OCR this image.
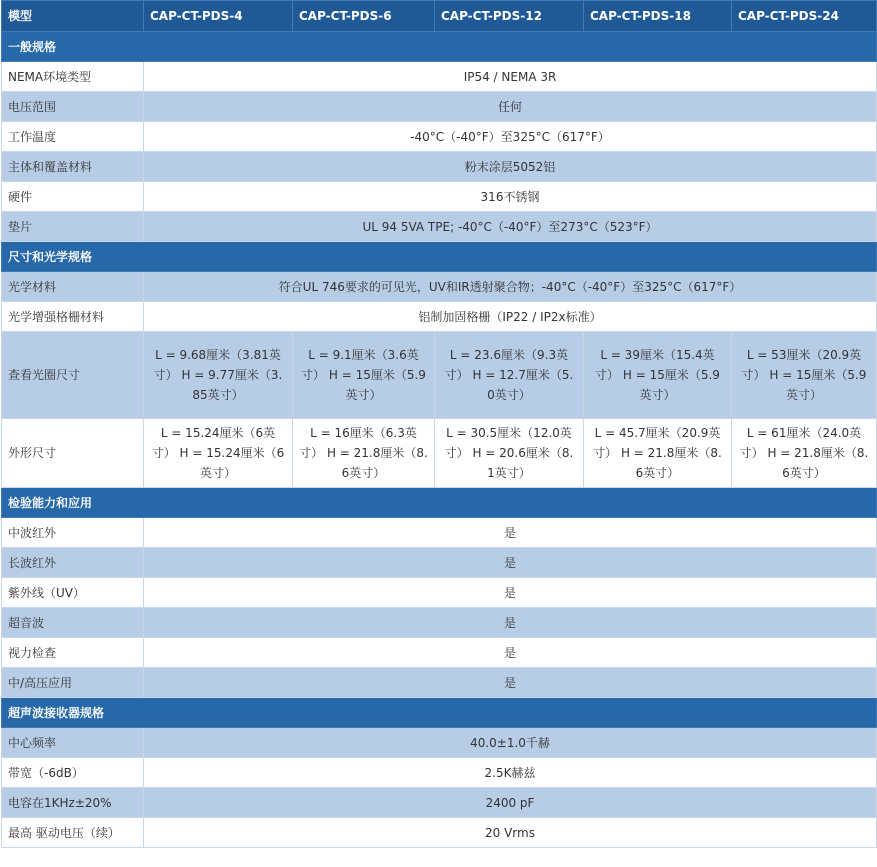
模型	CAP-CT-PDS-4	CAP-CT-PDS-6	CAP-CT-PDS-12	CAP-CT-PDS-18	CAP-CT-PDS-24
一般规格					
NEMA环境类型	IP54 / NEMA 3R				
电压范围	任何				
工作温度	-40°C（-40°F）至325°C（617°F）				
主体和覆盖材料	粉末涂层5052铝				
硬件	316不锈钢				
垫片	UL 94 5VA TPE; -40°C（-40°F）至273°C（523°F）				
尺寸和光学规格					
光学材料	符合UL 746要求的可见光，UV和IR透射聚合物；-40°C（-40°F）至325°C（617°F）				
光学增强格栅材料	铝制加固格栅（IP22 / IP2x标准）				
查看光圈尺寸	L = 9.68厘米（3.81英寸） H = 9.77厘米（3.85英寸）	L = 9.1厘米（3.6英寸） H = 15厘米（5.9英寸）	L = 23.6厘米（9.3英寸） H = 12.7厘米（5.0英寸）	L = 39厘米（15.4英寸） H = 15厘米（5.9英寸）	L = 53厘米（20.9英寸） H = 15厘米（5.9英寸）
外形尺寸	L = 15.24厘米（6英寸） H = 15.24厘米（6英寸）	L = 16厘米（6.3英寸） H = 21.8厘米（8.6英寸）	L = 30.5厘米（12.0英寸） H = 20.6厘米（8.1英寸）	L = 45.7厘米（20.9英寸） H = 21.8厘米（8.6英寸）	L = 61厘米（24.0英寸） H = 21.8厘米（8.6英寸）
检验能力和应用					
中波红外	是				
长波红外	是				
紫外线（UV）	是				
超音波	是				
视力检查	是				
中/高压应用	是				
超声波接收器规格					
中心频率	40.0±1.0千赫				
带宽（-6dB）	2.5K赫兹				
电容在1KHz±20%	2400 pF				
最高 驱动电压（续）	20 Vrms				
